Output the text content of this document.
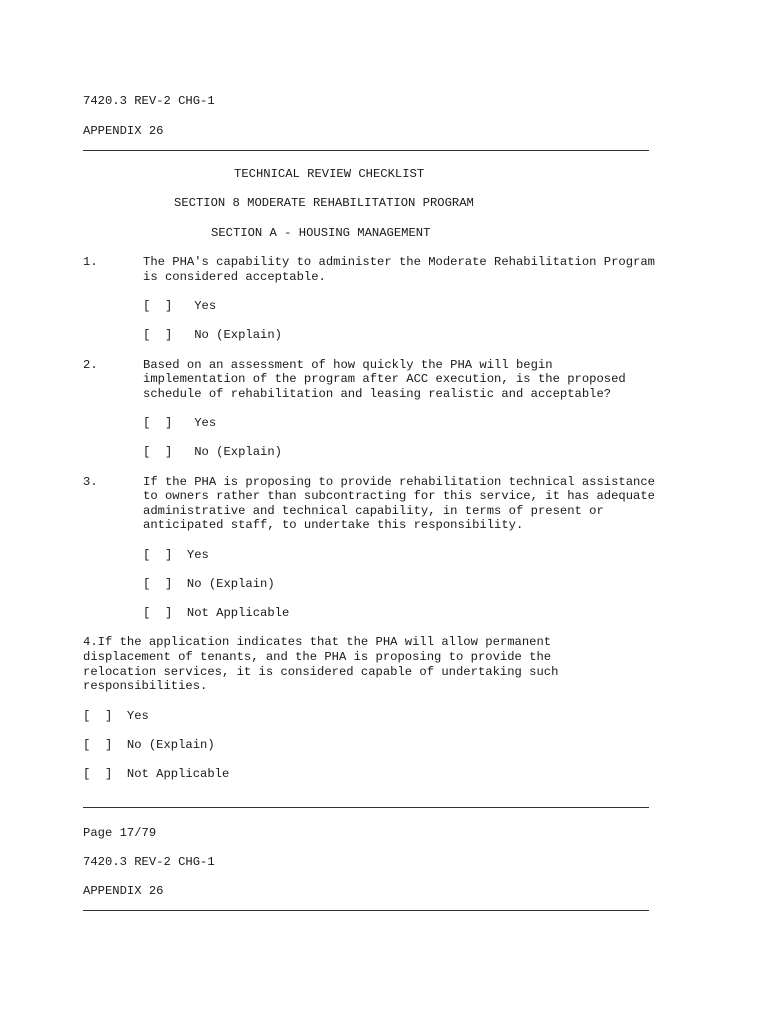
7420.3 REV-2 CHG-1
APPENDIX 26
TECHNICAL REVIEW CHECKLIST
SECTION 8 MODERATE REHABILITATION PROGRAM
SECTION A - HOUSING MANAGEMENT
1.	The PHA's capability to administer the Moderate Rehabilitation Program
is considered acceptable.
[  ]   Yes
[  ]   No (Explain)
2.	Based on an assessment of how quickly the PHA will begin
implementation of the program after ACC execution, is the proposed
schedule of rehabilitation and leasing realistic and acceptable?
[  ]   Yes
[  ]   No (Explain)
3.	If the PHA is proposing to provide rehabilitation technical assistance
to owners rather than subcontracting for this service, it has adequate
administrative and technical capability, in terms of present or
anticipated staff, to undertake this responsibility.
[  ]  Yes
[  ]  No (Explain)
[  ]  Not Applicable
4.If the application indicates that the PHA will allow permanent
displacement of tenants, and the PHA is proposing to provide the
relocation services, it is considered capable of undertaking such
responsibilities.
[  ]  Yes
[  ]  No (Explain)
[  ]  Not Applicable
Page 17/79
7420.3 REV-2 CHG-1
APPENDIX 26
